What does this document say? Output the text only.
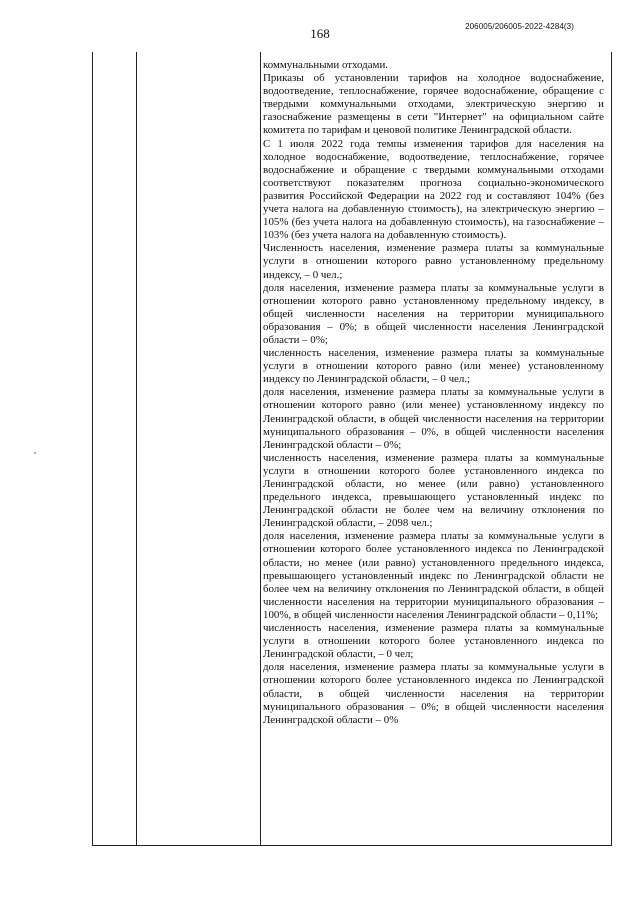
168	206005/206005-2022-4284(3)

коммунальными отходами.

Приказы об установлении тарифов на холодное водоснабжение, водоотведение, теплоснабжение, горячее водоснабжение, обращение с твердыми коммунальными отходами, электрическую энергию и газоснабжение размещены в сети "Интернет" на официальном сайте комитета по тарифам и ценовой политике Ленинградской области.

С 1 июля 2022 года темпы изменения тарифов для населения на холодное водоснабжение, водоотведение, теплоснабжение, горячее водоснабжение и обращение с твердыми коммунальными отходами соответствуют показателям прогноза социально-экономического развития Российской Федерации на 2022 год и составляют 104% (без учета налога на добавленную стоимость), на электрическую энергию – 105% (без учета налога на добавленную стоимость), на газоснабжение – 103% (без учета налога на добавленную стоимость).

Численность населения, изменение размера платы за коммунальные услуги в отношении которого равно установленному предельному индексу, – 0 чел.;

доля населения, изменение размера платы за коммунальные услуги в отношении которого равно установленному предельному индексу, в общей численности населения на территории муниципального образования – 0%; в общей численности населения Ленинградской области – 0%;

численность населения, изменение размера платы за коммунальные услуги в отношении которого равно (или менее) установленному индексу по Ленинградской области, – 0 чел.;

доля населения, изменение размера платы за коммунальные услуги в отношении которого равно (или менее) установленному индексу по Ленинградской области, в общей численности населения на территории муниципального образования – 0%, в общей численности населения Ленинградской области – 0%;

численность населения, изменение размера платы за коммунальные услуги в отношении которого более установленного индекса по Ленинградской области, но менее (или равно) установленного предельного индекса, превышающего установленный индекс по Ленинградской области не более чем на величину отклонения по Ленинградской области, – 2098 чел.;

доля населения, изменение размера платы за коммунальные услуги в отношении которого более установленного индекса по Ленинградской области, но менее (или равно) установленного предельного индекса, превышающего установленный индекс по Ленинградской области не более чем на величину отклонения по Ленинградской области, в общей численности населения на территории муниципального образования – 100%, в общей численности населения Ленинградской области – 0,11%;

численность населения, изменение размера платы за коммунальные услуги в отношении которого более установленного индекса по Ленинградской области, – 0 чел;

доля населения, изменение размера платы за коммунальные услуги в отношении которого более установленного индекса по Ленинградской области, в общей численности населения на территории муниципального образования – 0%; в общей численности населения Ленинградской области – 0%
